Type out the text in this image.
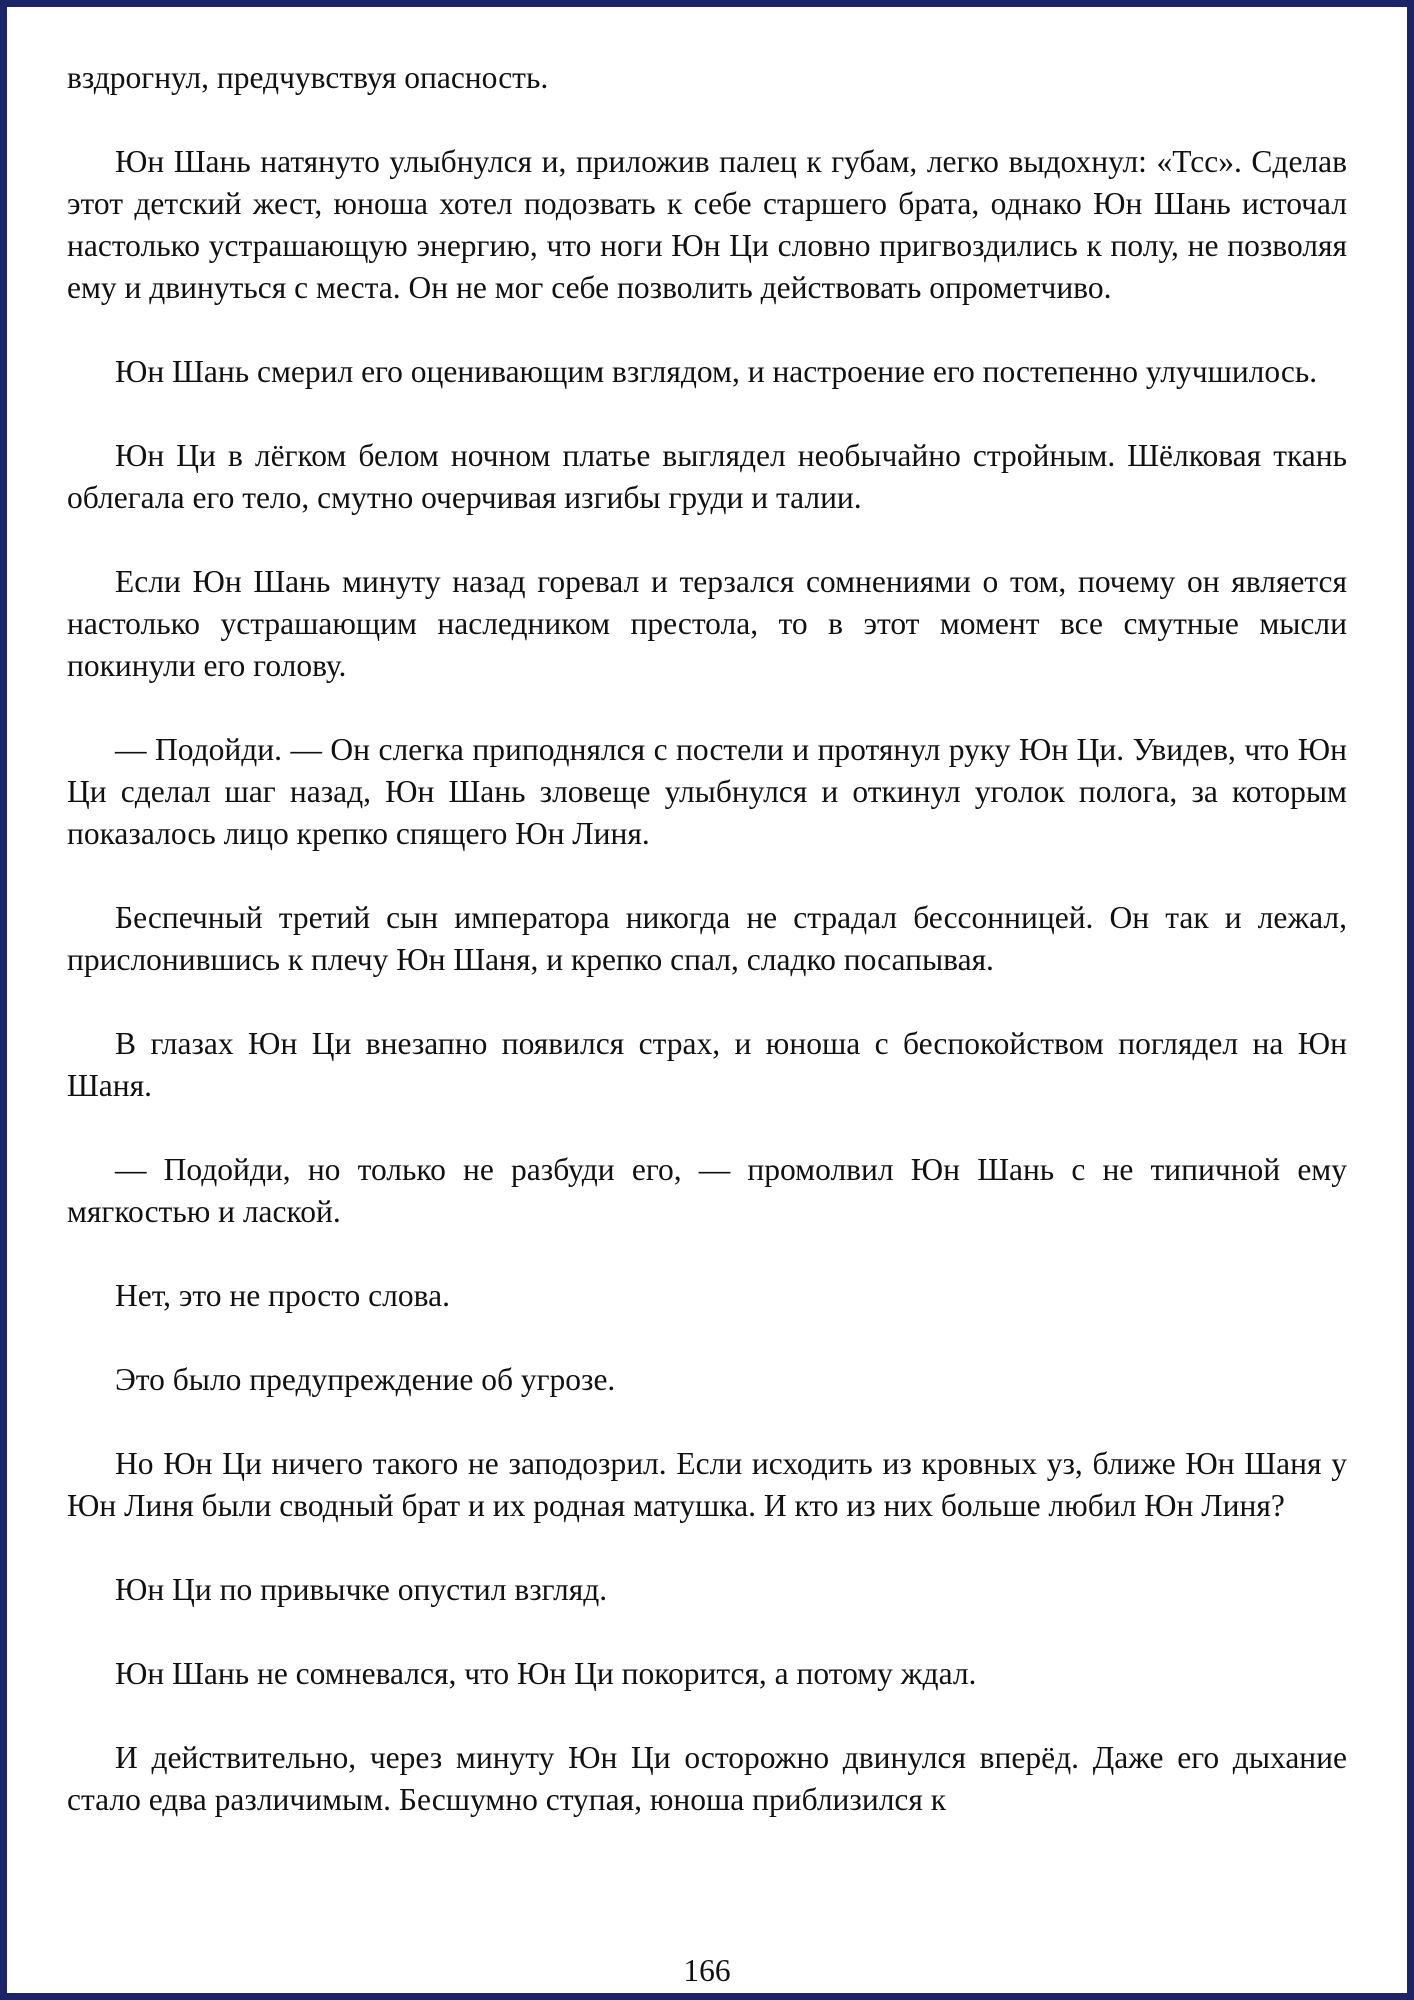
вздрогнул, предчувствуя опасность.

Юн Шань натянуто улыбнулся и, приложив палец к губам, легко выдохнул: «Тсс». Сделав этот детский жест, юноша хотел подозвать к себе старшего брата, однако Юн Шань источал настолько устрашающую энергию, что ноги Юн Ци словно пригвоздились к полу, не позволяя ему и двинуться с места. Он не мог себе позволить действовать опрометчиво.

Юн Шань смерил его оценивающим взглядом, и настроение его постепенно улучшилось.

Юн Ци в лёгком белом ночном платье выглядел необычайно стройным. Шёлковая ткань облегала его тело, смутно очерчивая изгибы груди и талии.

Если Юн Шань минуту назад горевал и терзался сомнениями о том, почему он является настолько устрашающим наследником престола, то в этот момент все смутные мысли покинули его голову.

— Подойди. — Он слегка приподнялся с постели и протянул руку Юн Ци. Увидев, что Юн Ци сделал шаг назад, Юн Шань зловеще улыбнулся и откинул уголок полога, за которым показалось лицо крепко спящего Юн Линя.

Беспечный третий сын императора никогда не страдал бессонницей. Он так и лежал, прислонившись к плечу Юн Шаня, и крепко спал, сладко посапывая.

В глазах Юн Ци внезапно появился страх, и юноша с беспокойством поглядел на Юн Шаня.

— Подойди, но только не разбуди его, — промолвил Юн Шань с не типичной ему мягкостью и лаской.

Нет, это не просто слова.

Это было предупреждение об угрозе.

Но Юн Ци ничего такого не заподозрил. Если исходить из кровных уз, ближе Юн Шаня у Юн Линя были сводный брат и их родная матушка. И кто из них больше любил Юн Линя?

Юн Ци по привычке опустил взгляд.

Юн Шань не сомневался, что Юн Ци покорится, а потому ждал.

И действительно, через минуту Юн Ци осторожно двинулся вперёд. Даже его дыхание стало едва различимым. Бесшумно ступая, юноша приблизился к

166
